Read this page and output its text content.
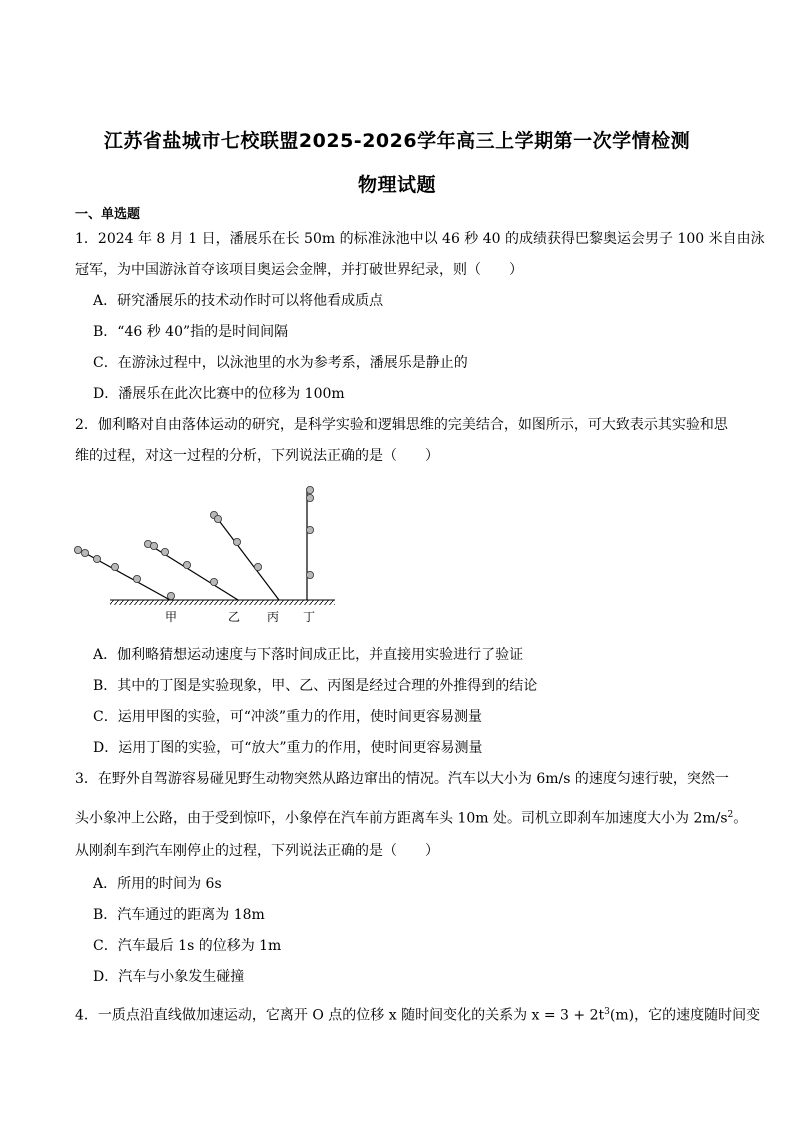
江苏省盐城市七校联盟2025-2026学年高三上学期第一次学情检测
物理试题
一、单选题
1．2024 年 8 月 1 日，潘展乐在长 50m 的标准泳池中以 46 秒 40 的成绩获得巴黎奥运会男子 100 米自由泳
冠军，为中国游泳首夺该项目奥运会金牌，并打破世界纪录，则（　　）
A．研究潘展乐的技术动作时可以将他看成质点
B．“46 秒 40”指的是时间间隔
C．在游泳过程中，以泳池里的水为参考系，潘展乐是静止的
D．潘展乐在此次比赛中的位移为 100m
2．伽利略对自由落体运动的研究，是科学实验和逻辑思维的完美结合，如图所示，可大致表示其实验和思
维的过程，对这一过程的分析，下列说法正确的是（　　）
甲	乙 丙 丁
A．伽利略猜想运动速度与下落时间成正比，并直接用实验进行了验证
B．其中的丁图是实验现象，甲、乙、丙图是经过合理的外推得到的结论
C．运用甲图的实验，可“冲淡”重力的作用，使时间更容易测量
D．运用丁图的实验，可“放大”重力的作用，使时间更容易测量
3．在野外自驾游容易碰见野生动物突然从路边窜出的情况。汽车以大小为 6m/s 的速度匀速行驶，突然一
头小象冲上公路，由于受到惊吓，小象停在汽车前方距离车头 10m 处。司机立即刹车加速度大小为 $2m/s^2$。
从刚刹车到汽车刚停止的过程，下列说法正确的是（　　）
A．所用的时间为 6s
B．汽车通过的距离为 18m
C．汽车最后 1s 的位移为 1m
D．汽车与小象发生碰撞
4．一质点沿直线做加速运动，它离开 O 点的位移 x 随时间变化的关系为 $x = 3 + 2t^3(m)$，它的速度随时间变
